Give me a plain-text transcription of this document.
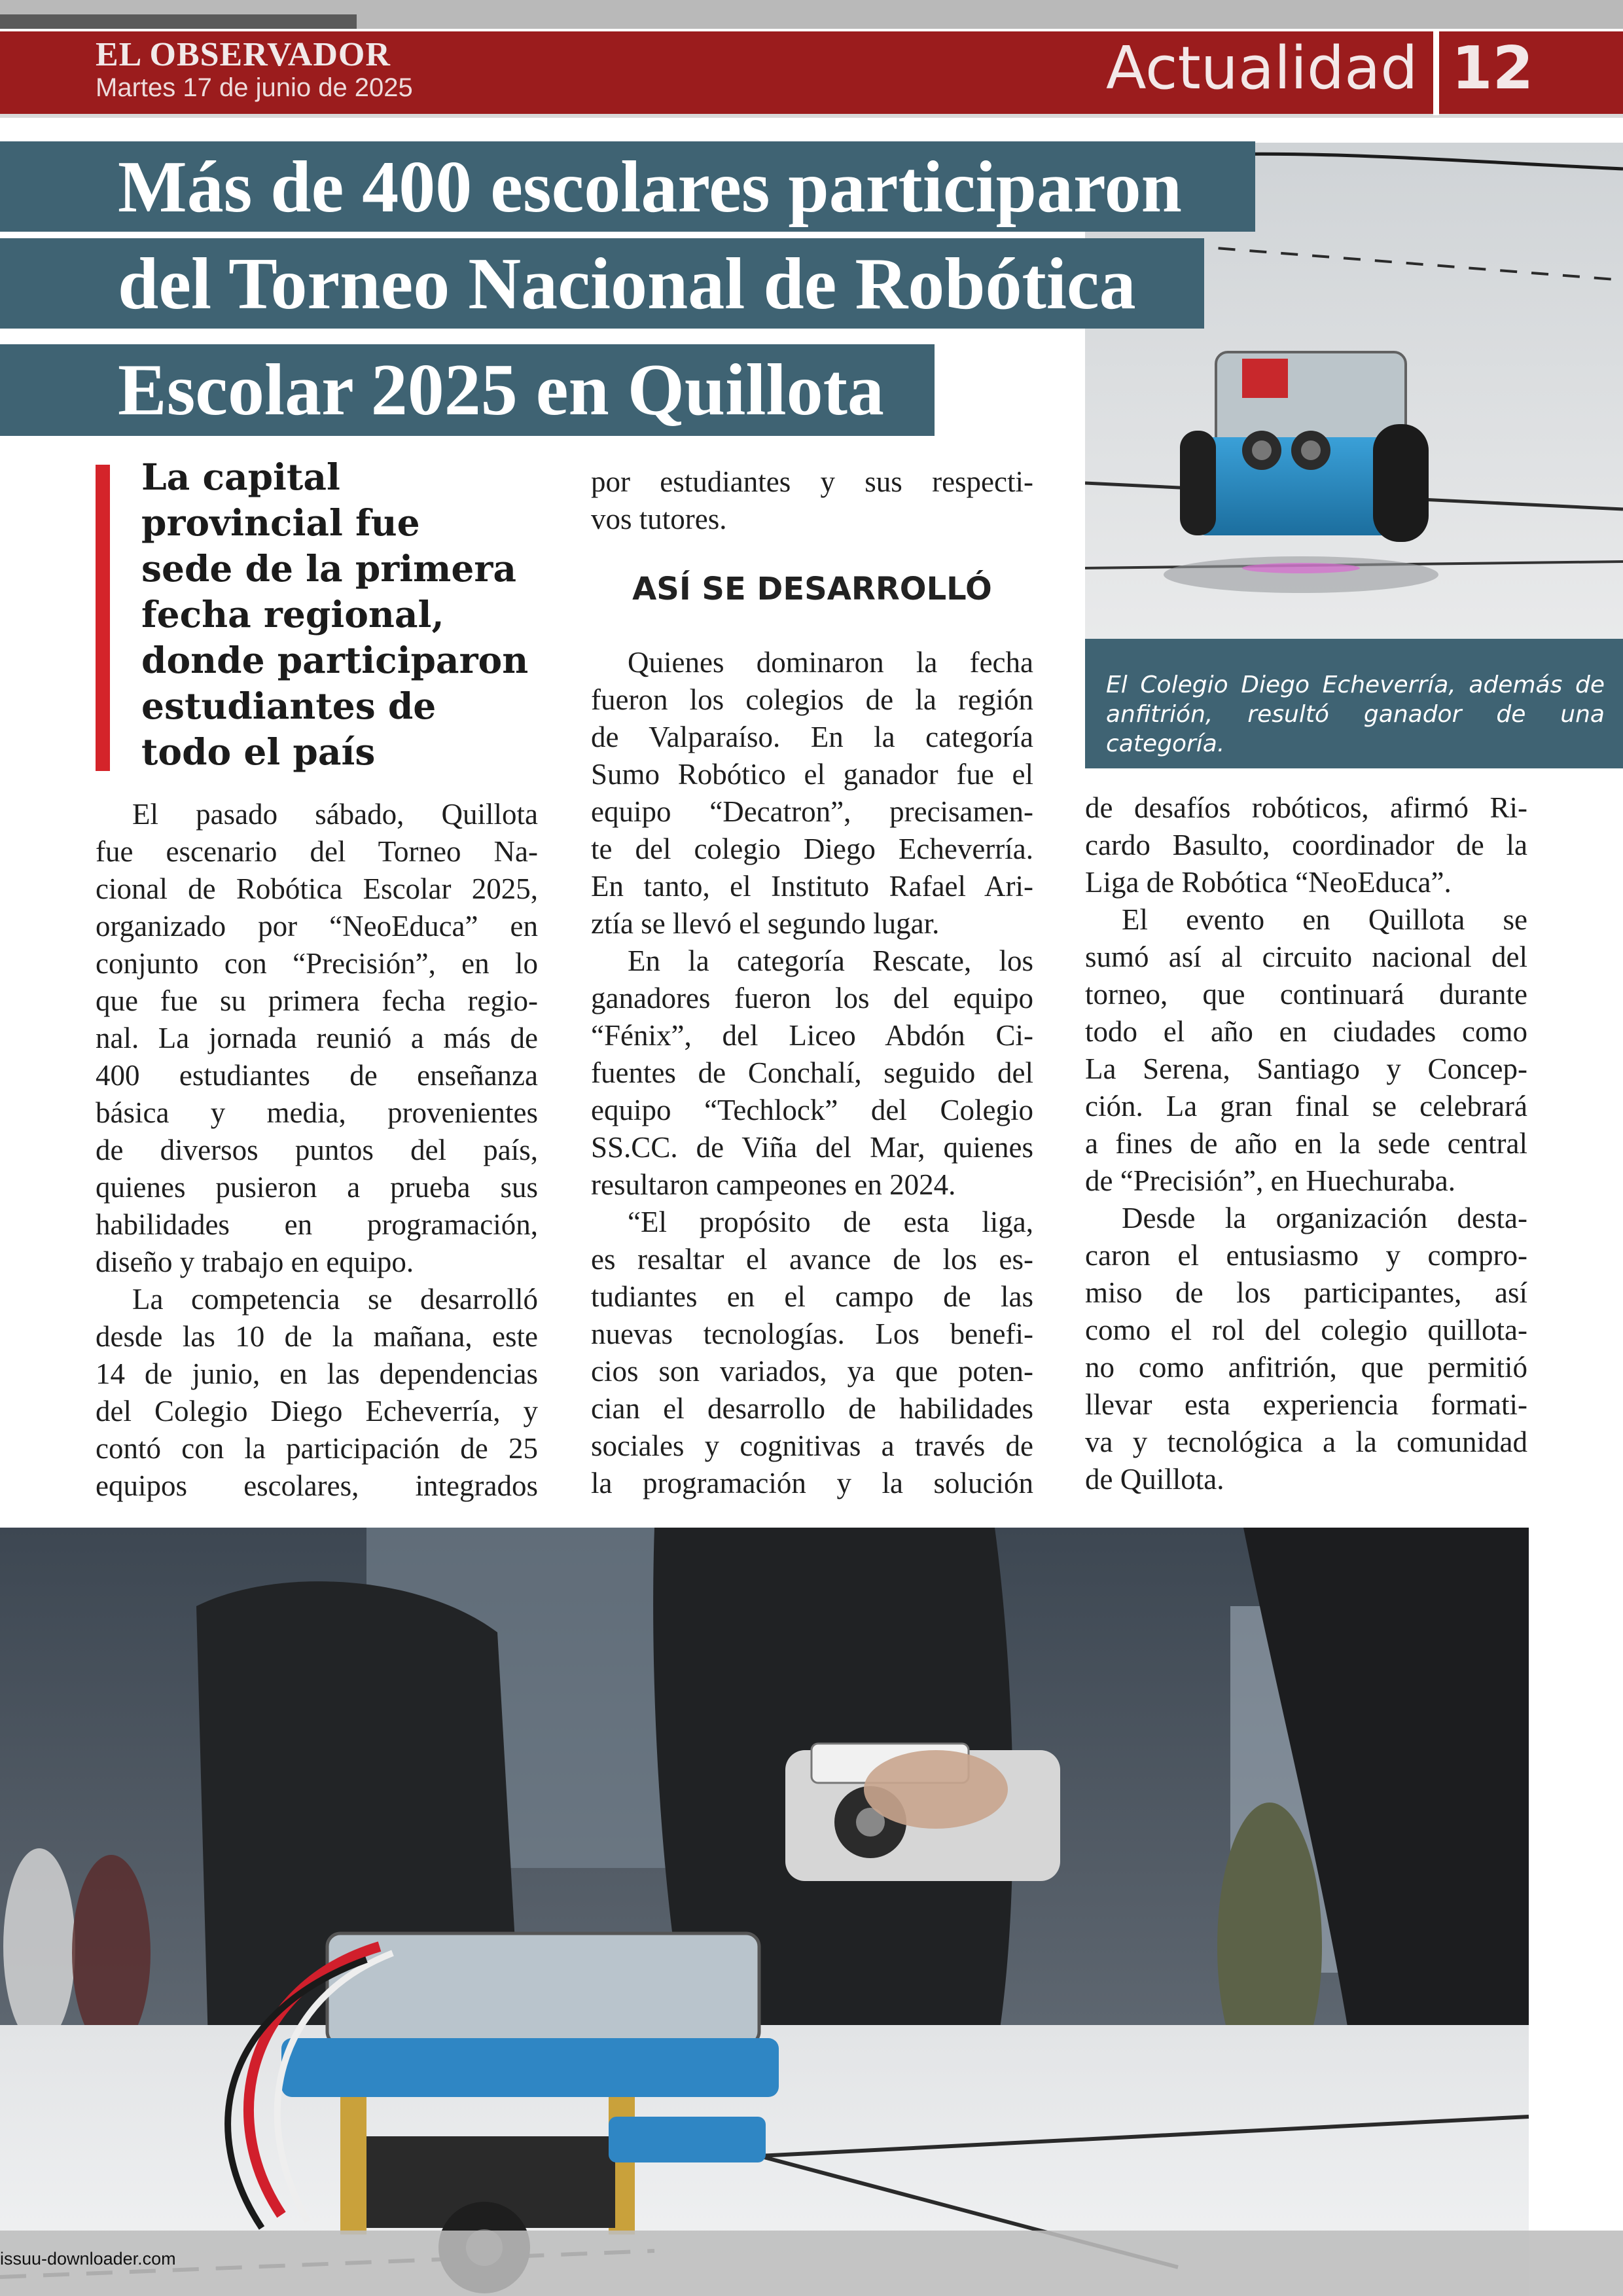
EL OBSERVADOR
Martes 17 de junio de 2025	Actualidad 12
El Colegio Diego Echeverría, además de anfitrión, resultó ganador de una categoría.
Más de 400 escolares participaron
del Torneo Nacional de Robótica
Escolar 2025 en Quillota
La capital
provincial fue
sede de la primera
fecha regional,
donde participaron
estudiantes de
todo el país
El pasado sábado, Quillota
fue escenario del Torneo Na-
cional de Robótica Escolar 2025,
organizado por “NeoEduca” en
conjunto con “Precisión”, en lo
que fue su primera fecha regio-
nal. La jornada reunió a más de
400 estudiantes de enseñanza
básica y media, provenientes
de diversos puntos del país,
quienes pusieron a prueba sus
habilidades en programación,
diseño y trabajo en equipo.
La competencia se desarrolló
desde las 10 de la mañana, este
14 de junio, en las dependencias
del Colegio Diego Echeverría, y
contó con la participación de 25
equipos escolares, integrados
por estudiantes y sus respecti-
vos tutores.
ASÍ SE DESARROLLÓ
Quienes dominaron la fecha
fueron los colegios de la región
de Valparaíso. En la categoría
Sumo Robótico el ganador fue el
equipo “Decatron”, precisamen-
te del colegio Diego Echeverría.
En tanto, el Instituto Rafael Ari-
ztía se llevó el segundo lugar.
En la categoría Rescate, los
ganadores fueron los del equipo
“Fénix”, del Liceo Abdón Ci-
fuentes de Conchalí, seguido del
equipo “Techlock” del Colegio
SS.CC. de Viña del Mar, quienes
resultaron campeones en 2024.
“El propósito de esta liga,
es resaltar el avance de los es-
tudiantes en el campo de las
nuevas tecnologías. Los benefi-
cios son variados, ya que poten-
cian el desarrollo de habilidades
sociales y cognitivas a través de
la programación y la solución
de desafíos robóticos, afirmó Ri-
cardo Basulto, coordinador de la
Liga de Robótica “NeoEduca”.
El evento en Quillota se
sumó así al circuito nacional del
torneo, que continuará durante
todo el año en ciudades como
La Serena, Santiago y Concep-
ción. La gran final se celebrará
a fines de año en la sede central
de “Precisión”, en Huechuraba.
Desde la organización desta-
caron el entusiasmo y compro-
miso de los participantes, así
como el rol del colegio quillota-
no como anfitrión, que permitió
llevar esta experiencia formati-
va y tecnológica a la comunidad
de Quillota.
issuu-downloader.com
